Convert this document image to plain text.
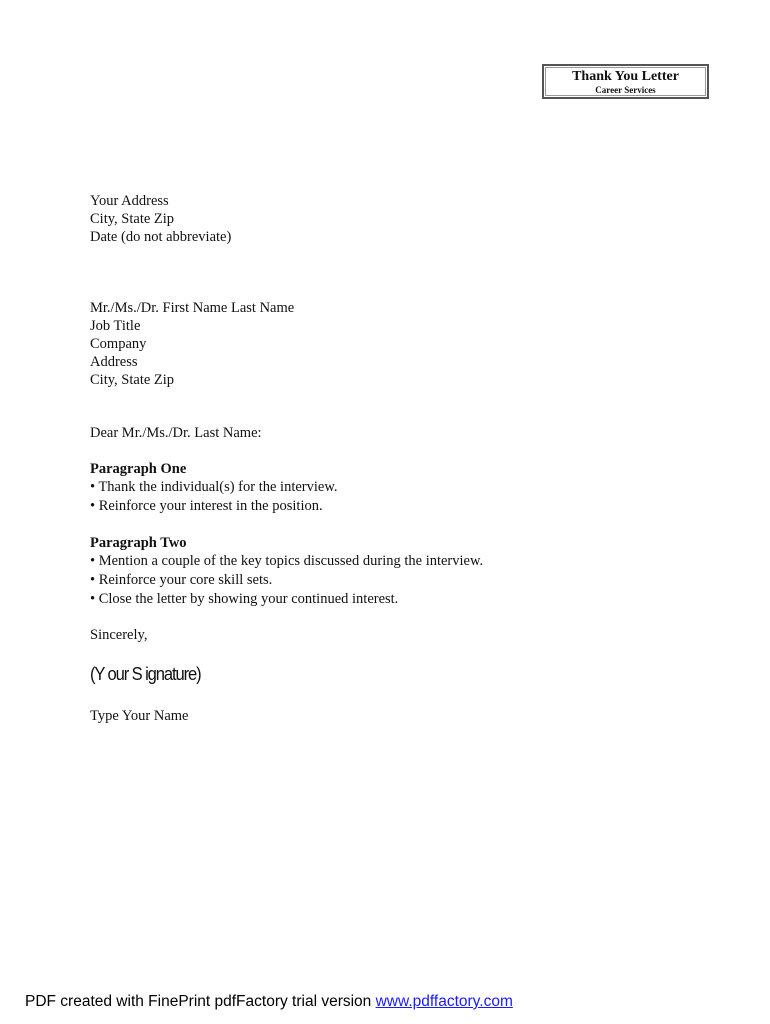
Thank You Letter
Career Services
Your Address
City, State Zip
Date (do not abbreviate)
Mr./Ms./Dr. First Name Last Name
Job Title
Company
Address
City, State Zip
Dear Mr./Ms./Dr. Last Name:
Paragraph One
• Thank the individual(s) for the interview.
• Reinforce your interest in the position.
Paragraph Two
• Mention a couple of the key topics discussed during the interview.
• Reinforce your core skill sets.
• Close the letter by showing your continued interest.
Sincerely,
(Y our S ignature)
Type Your Name
PDF created with FinePrint pdfFactory trial version www.pdffactory.com
